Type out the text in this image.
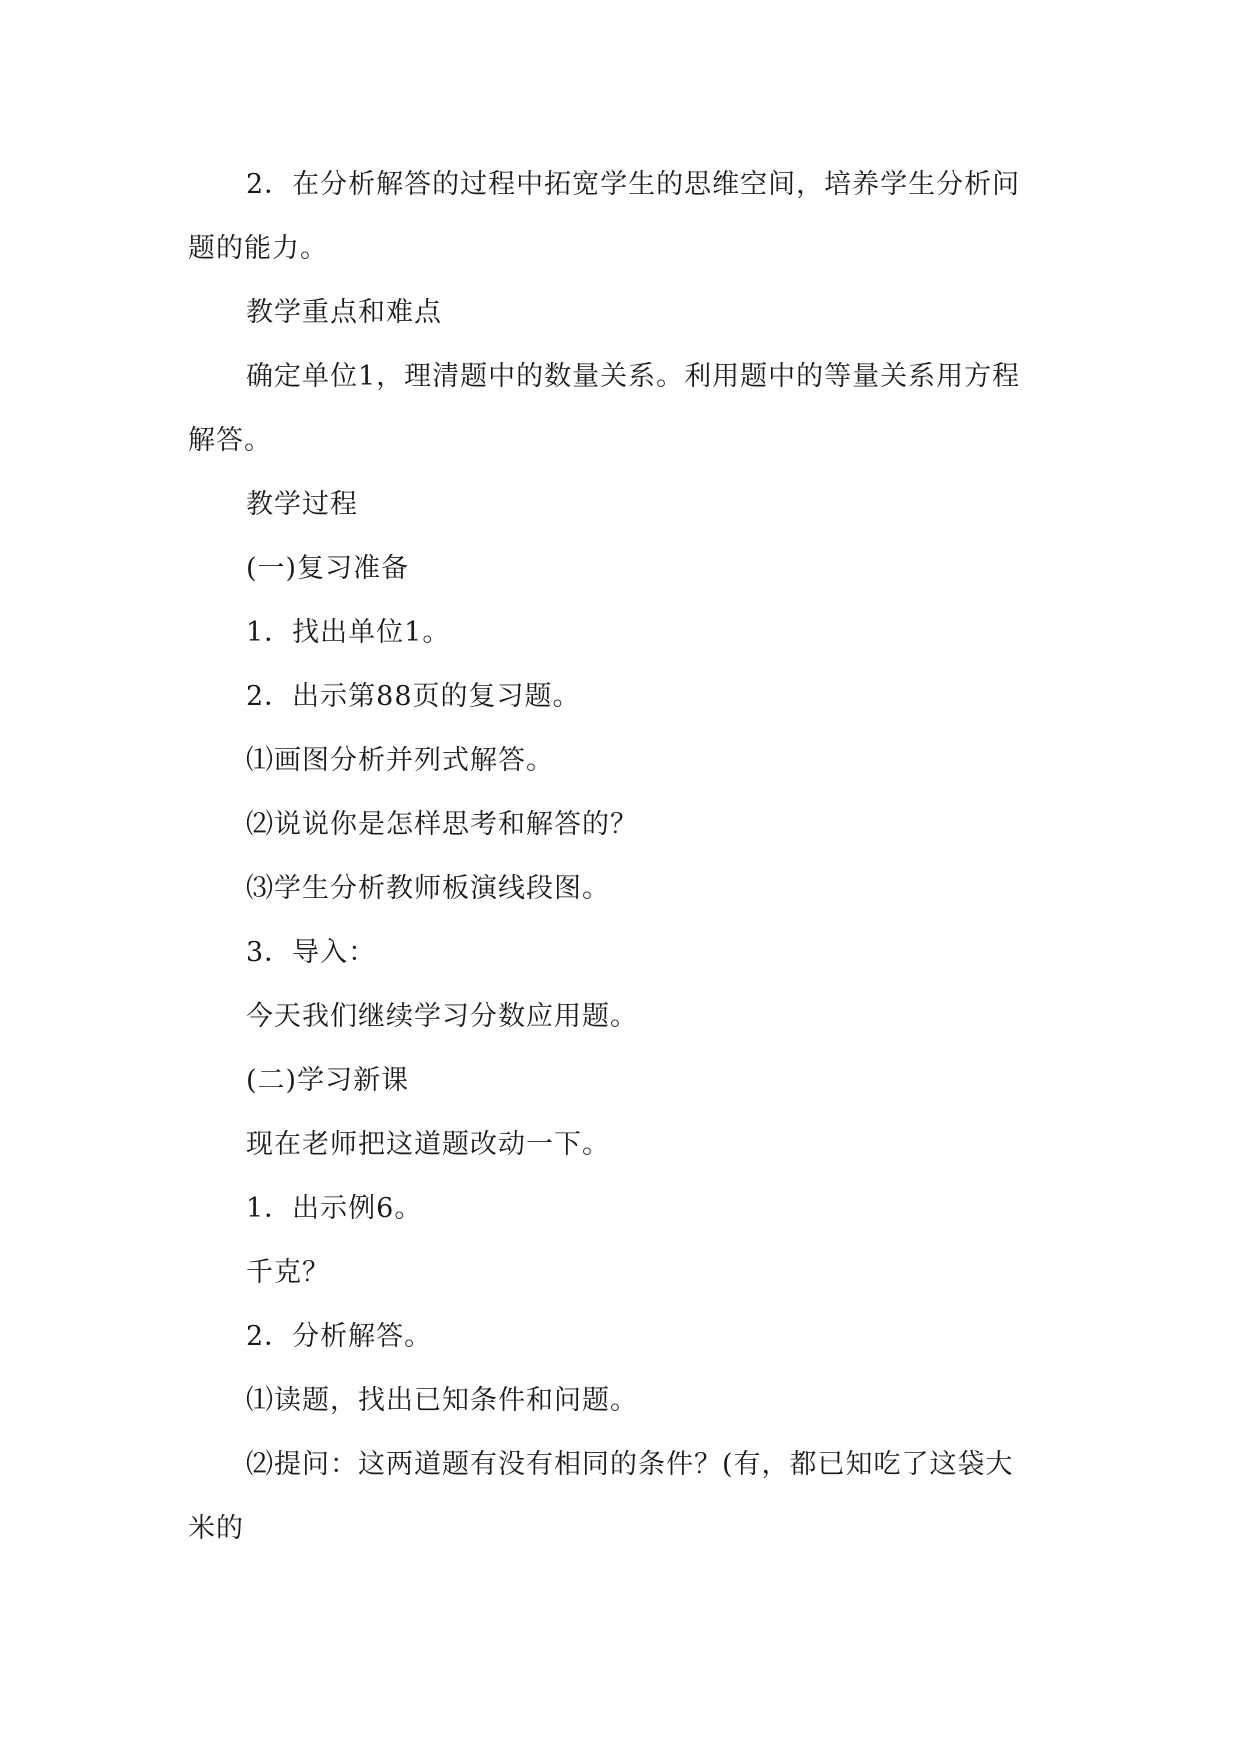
2．在分析解答的过程中拓宽学生的思维空间，培养学生分析问
题的能力。
教学重点和难点
确定单位1，理清题中的数量关系。利用题中的等量关系用方程
解答。
教学过程
(一)复习准备
1．找出单位1。
2．出示第88页的复习题。
⑴画图分析并列式解答。
⑵说说你是怎样思考和解答的？
⑶学生分析教师板演线段图。
3．导入：
今天我们继续学习分数应用题。
(二)学习新课
现在老师把这道题改动一下。
1．出示例6。
千克？
2．分析解答。
⑴读题，找出已知条件和问题。
⑵提问：这两道题有没有相同的条件？(有，都已知吃了这袋大
米的
